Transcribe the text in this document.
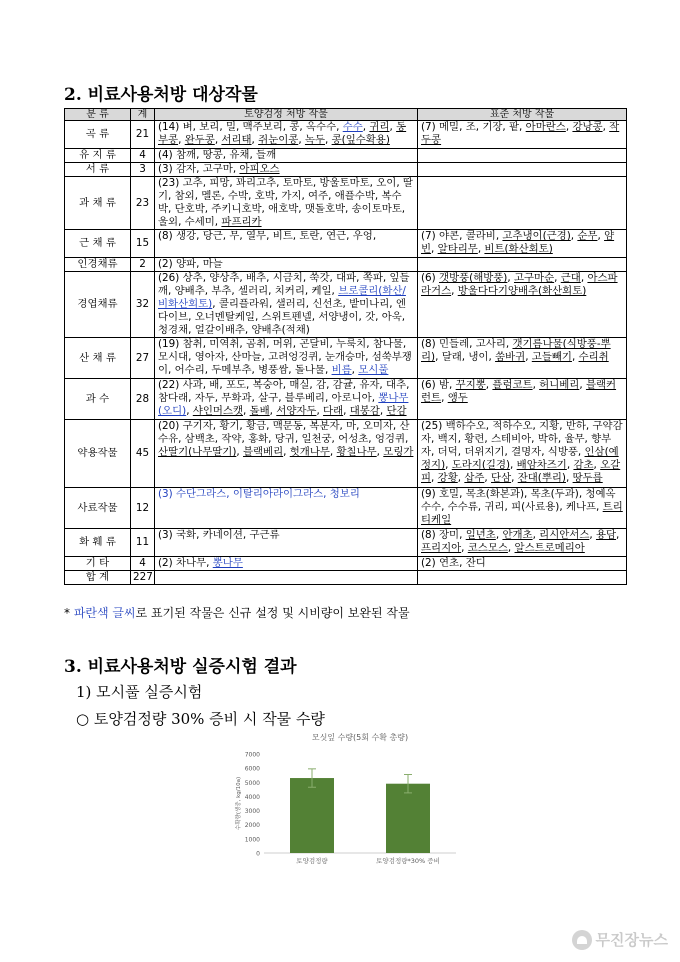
2. 비료사용처방 대상작물
분 류	계	토양검정 처방 작물	표준 처방 작물
곡 류	21	(14) 벼, 보리, 밀, 맥주보리, 콩, 옥수수, 수수, 귀리, 동부콩, 완두콩, 서리태, 쥐눈이콩, 녹두, 콩(잎수확용)	(7) 메밀, 조, 기장, 팥, 아마란스, 강낭콩, 작두콩
유 지 류	4	(4) 참깨, 땅콩, 유채, 들깨	
서 류	3	(3) 감자, 고구마, 아피오스	
과 채 류	23	(23) 고추, 피망, 꽈리고추, 토마토, 방울토마토, 오이, 딸기, 참외, 멜론, 수박, 호박, 가지, 여주, 애플수박, 복수박, 단호박, 주키니호박, 애호박, 맷돌호박, 송이토마토, 울외, 수세미, 파프리카	
근 채 류	15	(8) 생강, 당근, 무, 열무, 비트, 토란, 연근, 우엉,	(7) 야콘, 콜라비, 고추냉이(근경), 순무, 얌빈, 알타리무, 비트(화산회토)
인경채류	2	(2) 양파, 마늘	
경엽채류	32	(26) 상추, 양상추, 배추, 시금치, 쑥갓, 대파, 쪽파, 잎들깨, 양배추, 부추, 셀러리, 치커리, 케일, 브로콜리(화산/비화산회토), 콜리플라워, 샐러리, 신선초, 밭미나리, 엔다이브, 오너멘탈케일, 스위트펜넬, 서양냉이, 갓, 아욱, 청경채, 얼갈이배추, 양배추(적채)	(6) 갯방풍(해방풍), 고구마순, 근대, 아스파라거스, 방울다다기양배추(화산회토)
산 채 류	27	(19) 참취, 미역취, 곰취, 머위, 곤달비, 누룩치, 참나물, 모시대, 영아자, 산마늘, 고려엉겅퀴, 눈개승마, 섬쑥부쟁이, 어수리, 두메부추, 병풍쌈, 돌나물, 비름, 모시풀	(8) 민들레, 고사리, 갯기름나물(식방풍-뿌리), 달래, 냉이, 쑴바귀, 고들빼기, 수리취
과 수	28	(22) 사과, 배, 포도, 복숭아, 매실, 감, 감귤, 유자, 대추, 참다래, 자두, 무화과, 살구, 블루베리, 아로니아, 뽕나무(오디), 샤인머스캣, 돌배, 서양자두, 다래, 대봉감, 단감	(6) 밤, 꾸지뽕, 플럼코트, 허니베리, 블랙커런트, 앵두
약용작물	45	(20) 구기자, 황기, 황금, 맥문동, 복분자, 마, 오미자, 산수유, 삼백초, 작약, 홍화, 당귀, 일천궁, 어성초, 엉겅퀴, 산딸기(나무딸기), 블랙베리, 헛개나무, 황칠나무, 모링가	(25) 백하수오, 적하수오, 지황, 반하, 구약감자, 백지, 황련, 스테비아, 박하, 율무, 향부자, 더덕, 더위지기, 결명자, 식방풍, 인삼(예정지), 도라지(길경), 배암차즈기, 감초, 오갈피, 강황, 삽주, 단삼, 잔대(뿌리), 땅두릅
사료작물	12	(3) 수단그라스, 이탈리아라이그라스, 청보리	(9) 호밀, 목초(화본과), 목초(두과), 청예옥수수, 수수류, 귀리, 피(사료용), 케나프, 트리티케일
화 훼 류	11	(3) 국화, 카네이션, 구근류	(8) 장미, 일년초, 안개초, 리시안서스, 용담, 프리지아, 코스모스, 알스트로메리아
기 타	4	(2) 차나무, 뽕나무	(2) 연초, 잔디
합 계	227		
* 파란색 글씨로 표기된 작물은 신규 설정 및 시비량이 보완된 작물
3. 비료사용처방 실증시험 결과
1) 모시풀 실증시험
○ 토양검정량 30% 증비 시 작물 수량
모싯잎 수량(5회 수확 총량)
0
1000
2000
3000
4000
5000
6000
7000
수확량(생중, kg/10a)
토양검정량	토양검정량*30% 증비
무진장뉴스
